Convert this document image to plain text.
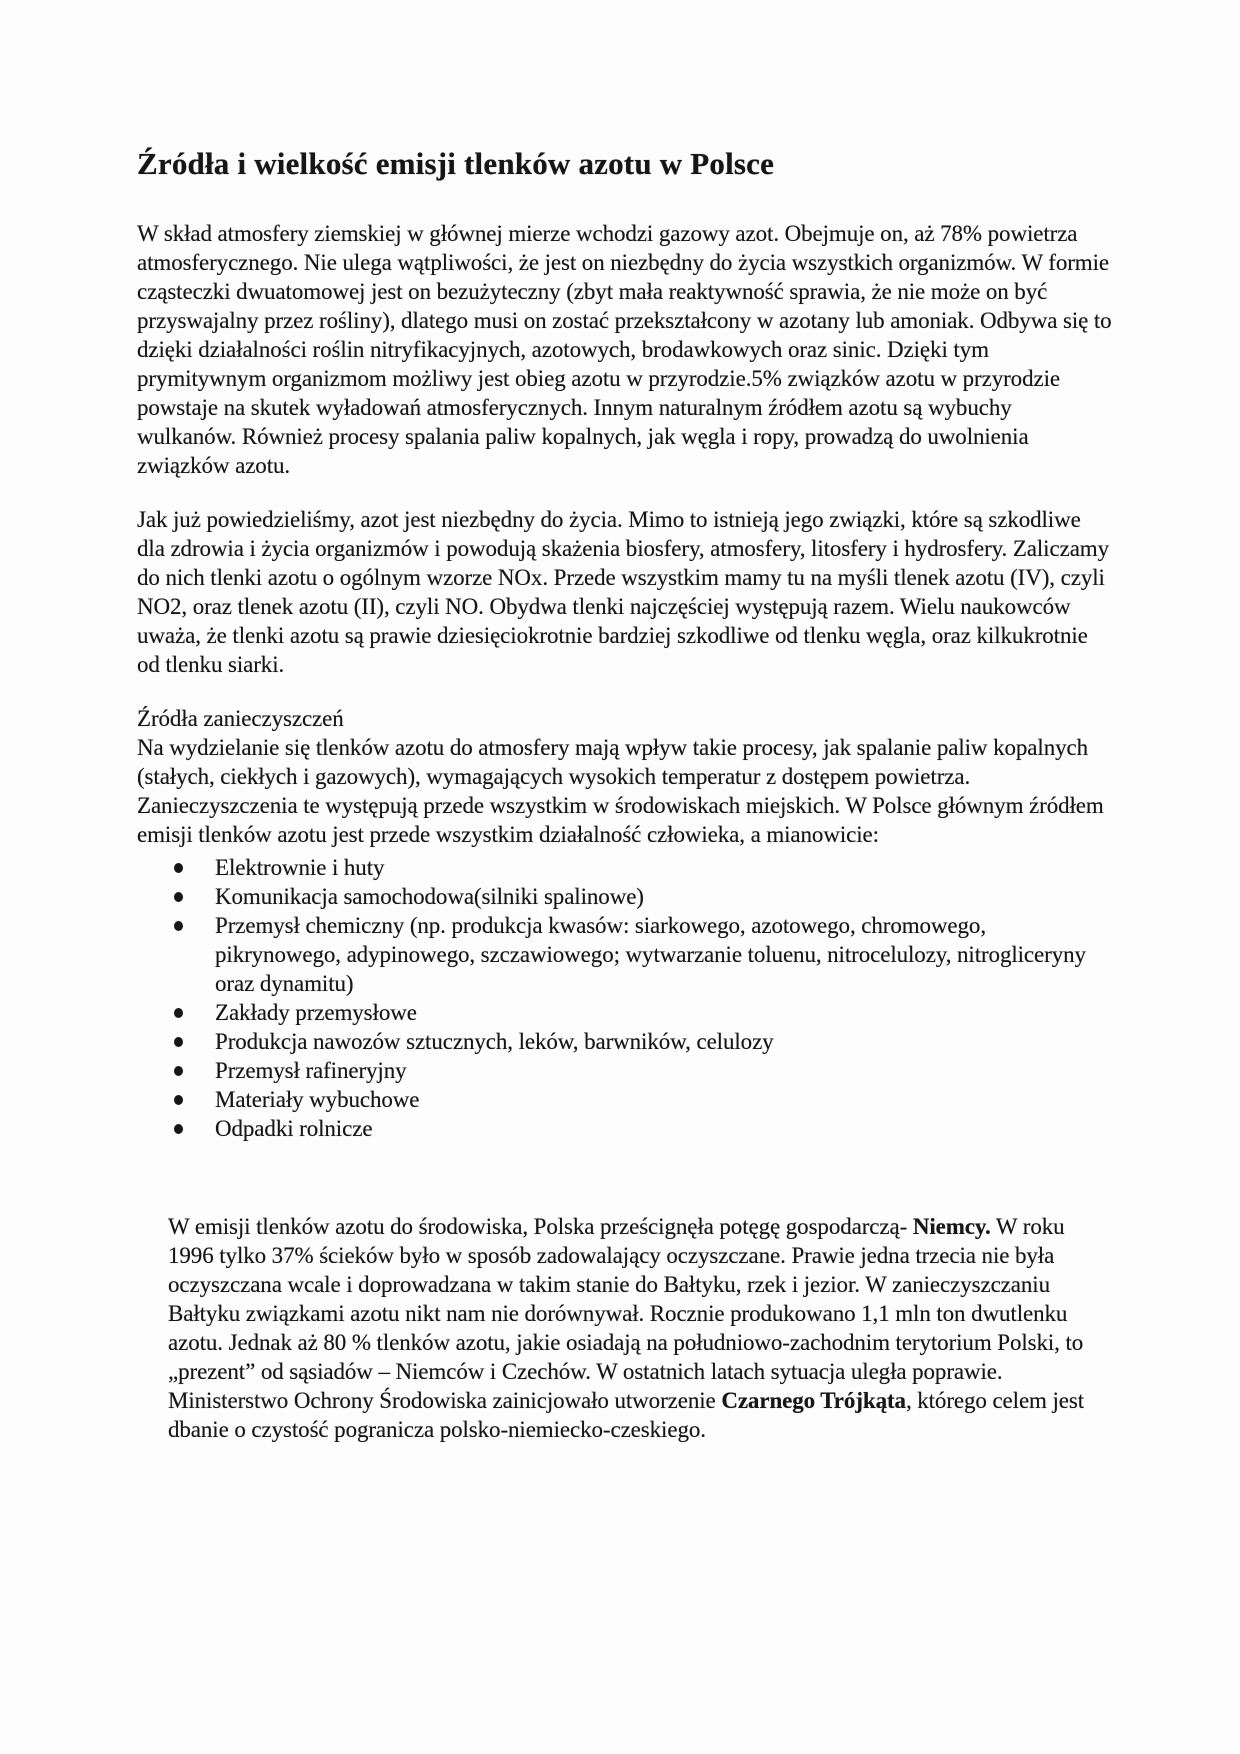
Źródła i wielkość emisji tlenków azotu w Polsce

W skład atmosfery ziemskiej w głównej mierze wchodzi gazowy azot. Obejmuje on, aż 78% powietrza atmosferycznego. Nie ulega wątpliwości, że jest on niezbędny do życia wszystkich organizmów. W formie cząsteczki dwuatomowej jest on bezużyteczny (zbyt mała reaktywność sprawia, że nie może on być przyswajalny przez rośliny), dlatego musi on zostać przekształcony w azotany lub amoniak. Odbywa się to dzięki działalności roślin nitryfikacyjnych, azotowych, brodawkowych oraz sinic. Dzięki tym prymitywnym organizmom możliwy jest obieg azotu w przyrodzie.5% związków azotu w przyrodzie powstaje na skutek wyładowań atmosferycznych. Innym naturalnym źródłem azotu są wybuchy wulkanów. Również procesy spalania paliw kopalnych, jak węgla i ropy, prowadzą do uwolnienia związków azotu.

Jak już powiedzieliśmy, azot jest niezbędny do życia. Mimo to istnieją jego związki, które są szkodliwe dla zdrowia i życia organizmów i powodują skażenia biosfery, atmosfery, litosfery i hydrosfery. Zaliczamy do nich tlenki azotu o ogólnym wzorze NOx. Przede wszystkim mamy tu na myśli tlenek azotu (IV), czyli NO2, oraz tlenek azotu (II), czyli NO. Obydwa tlenki najczęściej występują razem. Wielu naukowców uważa, że tlenki azotu są prawie dziesięciokrotnie bardziej szkodliwe od tlenku węgla, oraz kilkukrotnie od tlenku siarki.

Źródła zanieczyszczeń

Na wydzielanie się tlenków azotu do atmosfery mają wpływ takie procesy, jak spalanie paliw kopalnych (stałych, ciekłych i gazowych), wymagających wysokich temperatur z dostępem powietrza. Zanieczyszczenia te występują przede wszystkim w środowiskach miejskich. W Polsce głównym źródłem emisji tlenków azotu jest przede wszystkim działalność człowieka, a mianowicie:

Elektrownie i huty
Komunikacja samochodowa(silniki spalinowe)
Przemysł chemiczny (np. produkcja kwasów: siarkowego, azotowego, chromowego, pikrynowego, adypinowego, szczawiowego; wytwarzanie toluenu, nitrocelulozy, nitrogliceryny oraz dynamitu)
Zakłady przemysłowe
Produkcja nawozów sztucznych, leków, barwników, celulozy
Przemysł rafineryjny
Materiały wybuchowe
Odpadki rolnicze

W emisji tlenków azotu do środowiska, Polska prześcignęła potęgę gospodarczą- Niemcy. W roku 1996 tylko 37% ścieków było w sposób zadowalający oczyszczane. Prawie jedna trzecia nie była oczyszczana wcale i doprowadzana w takim stanie do Bałtyku, rzek i jezior. W zanieczyszczaniu Bałtyku związkami azotu nikt nam nie dorównywał. Rocznie produkowano 1,1 mln ton dwutlenku azotu. Jednak aż 80 % tlenków azotu, jakie osiadają na południowo-zachodnim terytorium Polski, to „prezent” od sąsiadów – Niemców i Czechów. W ostatnich latach sytuacja uległa poprawie. Ministerstwo Ochrony Środowiska zainicjowało utworzenie Czarnego Trójkąta, którego celem jest dbanie o czystość pogranicza polsko-niemiecko-czeskiego.
